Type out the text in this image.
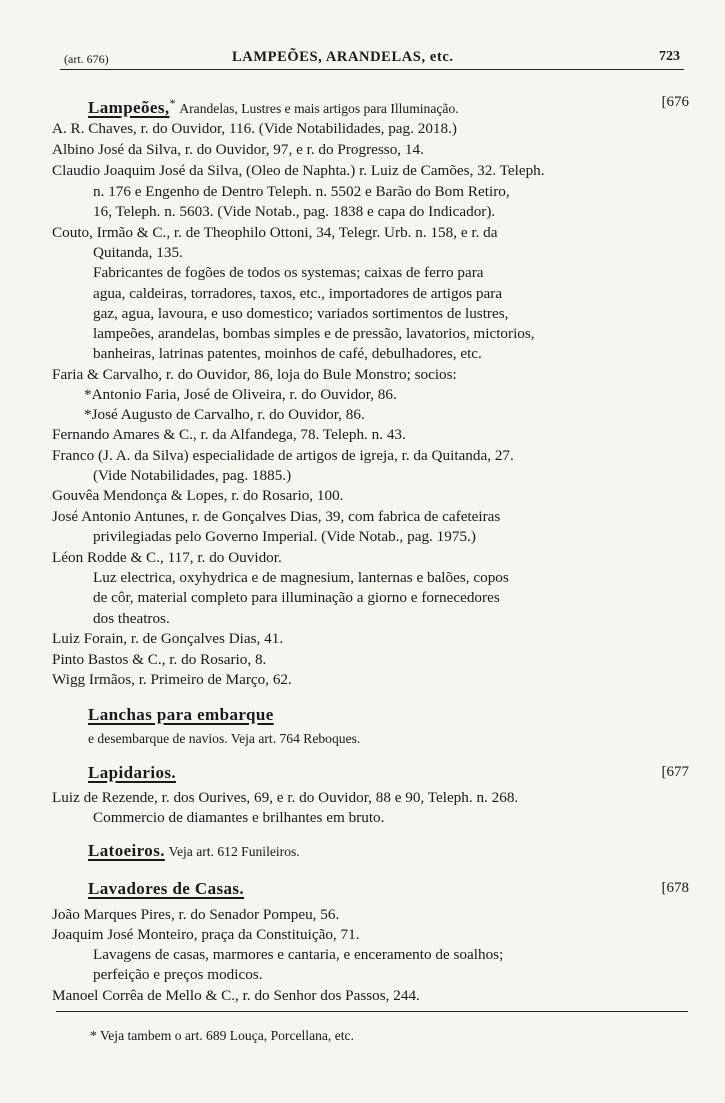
(art. 676)	LAMPEÕES, ARANDELAS, etc.	723
Lampeões,* Arandelas, Lustres e mais artigos para Illuminação.	[676
A. R. Chaves, r. do Ouvidor, 116. (Vide Notabilidades, pag. 2018.)
Albino José da Silva, r. do Ouvidor, 97, e r. do Progresso, 14.
Claudio Joaquim José da Silva, (Oleo de Naphta.) r. Luiz de Camões, 32. Teleph.
n. 176 e Engenho de Dentro Teleph. n. 5502 e Barão do Bom Retiro,
16, Teleph. n. 5603. (Vide Notab., pag. 1838 e capa do Indicador).
Couto, Irmão & C., r. de Theophilo Ottoni, 34, Telegr. Urb. n. 158, e r. da
Quitanda, 135.
Fabricantes de fogões de todos os systemas; caixas de ferro para
agua, caldeiras, torradores, taxos, etc., importadores de artigos para
gaz, agua, lavoura, e uso domestico; variados sortimentos de lustres,
lampeões, arandelas, bombas simples e de pressão, lavatorios, mictorios,
banheiras, latrinas patentes, moinhos de café, debulhadores, etc.
Faria & Carvalho, r. do Ouvidor, 86, loja do Bule Monstro; socios:
*Antonio Faria, José de Oliveira, r. do Ouvidor, 86.
*José Augusto de Carvalho, r. do Ouvidor, 86.
Fernando Amares & C., r. da Alfandega, 78. Teleph. n. 43.
Franco (J. A. da Silva) especialidade de artigos de igreja, r. da Quitanda, 27.
(Vide Notabilidades, pag. 1885.)
Gouvêa Mendonça & Lopes, r. do Rosario, 100.
José Antonio Antunes, r. de Gonçalves Dias, 39, com fabrica de cafeteiras
privilegiadas pelo Governo Imperial. (Vide Notab., pag. 1975.)
Léon Rodde & C., 117, r. do Ouvidor.
Luz electrica, oxyhydrica e de magnesium, lanternas e balões, copos
de côr, material completo para illuminação a giorno e fornecedores
dos theatros.
Luiz Forain, r. de Gonçalves Dias, 41.
Pinto Bastos & C., r. do Rosario, 8.
Wigg Irmãos, r. Primeiro de Março, 62.
Lanchas para embarque
e desembarque de navios. Veja art. 764 Reboques.
Lapidarios.	[677
Luiz de Rezende, r. dos Ourives, 69, e r. do Ouvidor, 88 e 90, Teleph. n. 268.
Commercio de diamantes e brilhantes em bruto.
Latoeiros. Veja art. 612 Funileiros.
Lavadores de Casas.	[678
João Marques Pires, r. do Senador Pompeu, 56.
Joaquim José Monteiro, praça da Constituição, 71.
Lavagens de casas, marmores e cantaria, e enceramento de soalhos;
perfeição e preços modicos.
Manoel Corrêa de Mello & C., r. do Senhor dos Passos, 244.
* Veja tambem o art. 689 Louça, Porcellana, etc.
